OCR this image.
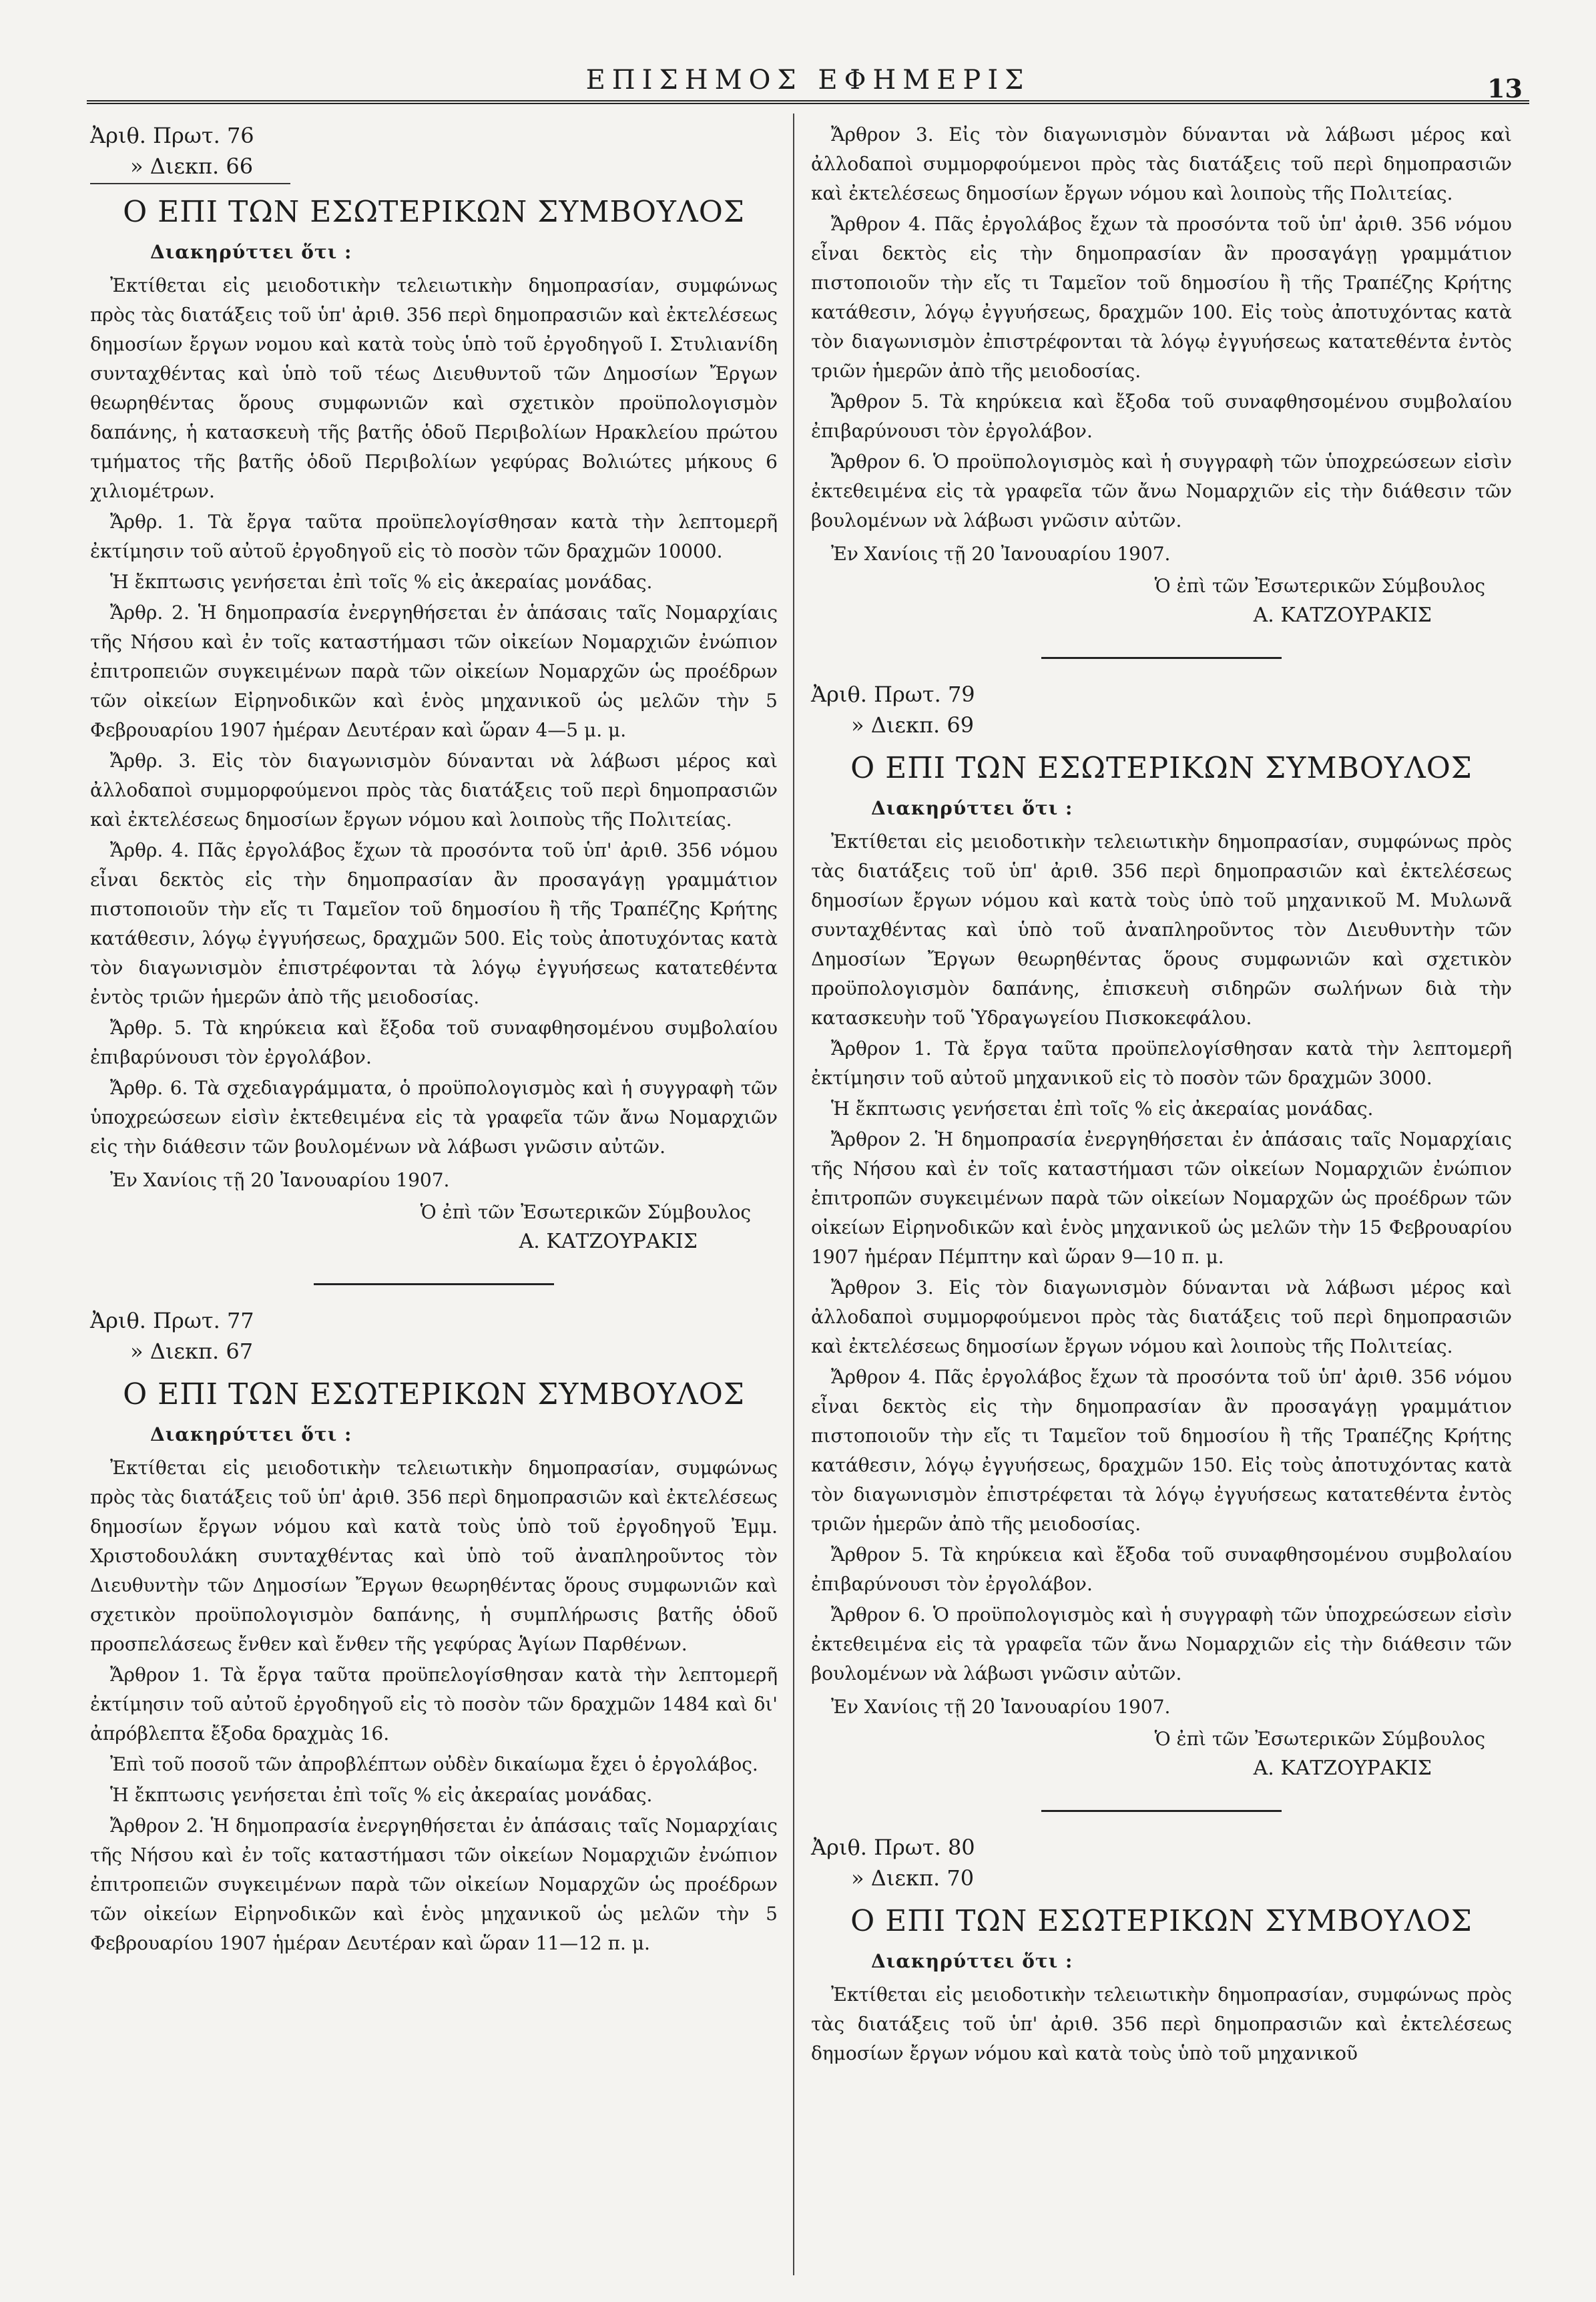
ΕΠΙΣΗΜΟΣ ΕΦΗΜΕΡΙΣ	13
Ἀριθ. Πρωτ. 76
» Διεκπ. 66
Ο ΕΠΙ ΤΩΝ ΕΣΩΤΕΡΙΚΩΝ ΣΥΜΒΟΥΛΟΣ
Διακηρύττει ὅτι :

Ἐκτίθεται εἰς μειοδοτικὴν τελειωτικὴν δημοπρασίαν, συμφώνως πρὸς τὰς διατάξεις τοῦ ὑπ' ἀριθ. 356 περὶ δημοπρασιῶν καὶ ἐκτελέσεως δημοσίων ἔργων νομου καὶ κατὰ τοὺς ὑπὸ τοῦ ἐργοδηγοῦ Ι. Στυλιανίδη συνταχθέντας καὶ ὑπὸ τοῦ τέως Διευθυντοῦ τῶν Δημοσίων Ἔργων θεωρηθέντας ὅρους συμφωνιῶν καὶ σχετικὸν προϋπολογισμὸν δαπάνης, ἡ κατασκευὴ τῆς βατῆς ὁδοῦ Περιβολίων Ηρακλείου πρώτου τμήματος τῆς βατῆς ὁδοῦ Περιβολίων γεφύρας Βολιώτες μήκους 6 χιλιομέτρων.

Ἄρθρ. 1. Τὰ ἔργα ταῦτα προϋπελογίσθησαν κατὰ τὴν λεπτομερῆ ἐκτίμησιν τοῦ αὐτοῦ ἐργοδηγοῦ εἰς τὸ ποσὸν τῶν δραχμῶν 10000.

Ἡ ἔκπτωσις γενήσεται ἐπὶ τοῖς % εἰς ἀκεραίας μονάδας.

Ἄρθρ. 2. Ἡ δημοπρασία ἐνεργηθήσεται ἐν ἁπάσαις ταῖς Νομαρχίαις τῆς Νήσου καὶ ἐν τοῖς καταστήμασι τῶν οἰκείων Νομαρχιῶν ἐνώπιον ἐπιτροπειῶν συγκειμένων παρὰ τῶν οἰκείων Νομαρχῶν ὡς προέδρων τῶν οἰκείων Εἰρηνοδικῶν καὶ ἑνὸς μηχανικοῦ ὡς μελῶν τὴν 5 Φεβρουαρίου 1907 ἡμέραν Δευτέραν καὶ ὥραν 4—5 μ. μ.

Ἄρθρ. 3. Εἰς τὸν διαγωνισμὸν δύνανται νὰ λάβωσι μέρος καὶ ἀλλοδαποὶ συμμορφούμενοι πρὸς τὰς διατάξεις τοῦ περὶ δημοπρασιῶν καὶ ἐκτελέσεως δημοσίων ἔργων νόμου καὶ λοιποὺς τῆς Πολιτείας.

Ἄρθρ. 4. Πᾶς ἐργολάβος ἔχων τὰ προσόντα τοῦ ὑπ' ἀριθ. 356 νόμου εἶναι δεκτὸς εἰς τὴν δημοπρασίαν ἂν προσαγάγῃ γραμμάτιον πιστοποιοῦν τὴν εἴς τι Ταμεῖον τοῦ δημοσίου ἢ τῆς Τραπέζης Κρήτης κατάθεσιν, λόγῳ ἐγγυήσεως, δραχμῶν 500. Εἰς τοὺς ἀποτυχόντας κατὰ τὸν διαγωνισμὸν ἐπιστρέφονται τὰ λόγῳ ἐγγυήσεως κατατεθέντα ἐντὸς τριῶν ἡμερῶν ἀπὸ τῆς μειοδοσίας.

Ἄρθρ. 5. Τὰ κηρύκεια καὶ ἔξοδα τοῦ συναφθησομένου συμβολαίου ἐπιβαρύνουσι τὸν ἐργολάβον.

Ἄρθρ. 6. Τὰ σχεδιαγράμματα, ὁ προϋπολογισμὸς καὶ ἡ συγγραφὴ τῶν ὑποχρεώσεων εἰσὶν ἐκτεθειμένα εἰς τὰ γραφεῖα τῶν ἄνω Νομαρχιῶν εἰς τὴν διάθεσιν τῶν βουλομένων νὰ λάβωσι γνῶσιν αὐτῶν.

Ἐν Χανίοις τῇ 20 Ἰανουαρίου 1907.
Ὁ ἐπὶ τῶν Ἐσωτερικῶν Σύμβουλος
Α. ΚΑΤΖΟΥΡΑΚΙΣ
Ἀριθ. Πρωτ. 77
» Διεκπ. 67
Ο ΕΠΙ ΤΩΝ ΕΣΩΤΕΡΙΚΩΝ ΣΥΜΒΟΥΛΟΣ
Διακηρύττει ὅτι :

Ἐκτίθεται εἰς μειοδοτικὴν τελειωτικὴν δημοπρασίαν, συμφώνως πρὸς τὰς διατάξεις τοῦ ὑπ' ἀριθ. 356 περὶ δημοπρασιῶν καὶ ἐκτελέσεως δημοσίων ἔργων νόμου καὶ κατὰ τοὺς ὑπὸ τοῦ ἐργοδηγοῦ Ἐμμ. Χριστοδουλάκη συνταχθέντας καὶ ὑπὸ τοῦ ἀναπληροῦντος τὸν Διευθυντὴν τῶν Δημοσίων Ἔργων θεωρηθέντας ὅρους συμφωνιῶν καὶ σχετικὸν προϋπολογισμὸν δαπάνης, ἡ συμπλήρωσις βατῆς ὁδοῦ προσπελάσεως ἔνθεν καὶ ἔνθεν τῆς γεφύρας Ἁγίων Παρθένων.

Ἄρθρον 1. Τὰ ἔργα ταῦτα προϋπελογίσθησαν κατὰ τὴν λεπτομερῆ ἐκτίμησιν τοῦ αὐτοῦ ἐργοδηγοῦ εἰς τὸ ποσὸν τῶν δραχμῶν 1484 καὶ δι' ἀπρόβλεπτα ἔξοδα δραχμὰς 16.

Ἐπὶ τοῦ ποσοῦ τῶν ἀπροβλέπτων οὐδὲν δικαίωμα ἔχει ὁ ἐργολάβος.

Ἡ ἔκπτωσις γενήσεται ἐπὶ τοῖς % εἰς ἀκεραίας μονάδας.

Ἄρθρον 2. Ἡ δημοπρασία ἐνεργηθήσεται ἐν ἁπάσαις ταῖς Νομαρχίαις τῆς Νήσου καὶ ἐν τοῖς καταστήμασι τῶν οἰκείων Νομαρχιῶν ἐνώπιον ἐπιτροπειῶν συγκειμένων παρὰ τῶν οἰκείων Νομαρχῶν ὡς προέδρων τῶν οἰκείων Εἰρηνοδικῶν καὶ ἑνὸς μηχανικοῦ ὡς μελῶν τὴν 5 Φεβρουαρίου 1907 ἡμέραν Δευτέραν καὶ ὥραν 11—12 π. μ.

Ἄρθρον 3. Εἰς τὸν διαγωνισμὸν δύνανται νὰ λάβωσι μέρος καὶ ἀλλοδαποὶ συμμορφούμενοι πρὸς τὰς διατάξεις τοῦ περὶ δημοπρασιῶν καὶ ἐκτελέσεως δημοσίων ἔργων νόμου καὶ λοιποὺς τῆς Πολιτείας.

Ἄρθρον 4. Πᾶς ἐργολάβος ἔχων τὰ προσόντα τοῦ ὑπ' ἀριθ. 356 νόμου εἶναι δεκτὸς εἰς τὴν δημοπρασίαν ἂν προσαγάγῃ γραμμάτιον πιστοποιοῦν τὴν εἴς τι Ταμεῖον τοῦ δημοσίου ἢ τῆς Τραπέζης Κρήτης κατάθεσιν, λόγῳ ἐγγυήσεως, δραχμῶν 100. Εἰς τοὺς ἀποτυχόντας κατὰ τὸν διαγωνισμὸν ἐπιστρέφονται τὰ λόγῳ ἐγγυήσεως κατατεθέντα ἐντὸς τριῶν ἡμερῶν ἀπὸ τῆς μειοδοσίας.

Ἄρθρον 5. Τὰ κηρύκεια καὶ ἔξοδα τοῦ συναφθησομένου συμβολαίου ἐπιβαρύνουσι τὸν ἐργολάβον.

Ἄρθρον 6. Ὁ προϋπολογισμὸς καὶ ἡ συγγραφὴ τῶν ὑποχρεώσεων εἰσὶν ἐκτεθειμένα εἰς τὰ γραφεῖα τῶν ἄνω Νομαρχιῶν εἰς τὴν διάθεσιν τῶν βουλομένων νὰ λάβωσι γνῶσιν αὐτῶν.

Ἐν Χανίοις τῇ 20 Ἰανουαρίου 1907.
Ὁ ἐπὶ τῶν Ἐσωτερικῶν Σύμβουλος
Α. ΚΑΤΖΟΥΡΑΚΙΣ
Ἀριθ. Πρωτ. 79
» Διεκπ. 69
Ο ΕΠΙ ΤΩΝ ΕΣΩΤΕΡΙΚΩΝ ΣΥΜΒΟΥΛΟΣ
Διακηρύττει ὅτι :

Ἐκτίθεται εἰς μειοδοτικὴν τελειωτικὴν δημοπρασίαν, συμφώνως πρὸς τὰς διατάξεις τοῦ ὑπ' ἀριθ. 356 περὶ δημοπρασιῶν καὶ ἐκτελέσεως δημοσίων ἔργων νόμου καὶ κατὰ τοὺς ὑπὸ τοῦ μηχανικοῦ Μ. Μυλωνᾶ συνταχθέντας καὶ ὑπὸ τοῦ ἀναπληροῦντος τὸν Διευθυντὴν τῶν Δημοσίων Ἔργων θεωρηθέντας ὅρους συμφωνιῶν καὶ σχετικὸν προϋπολογισμὸν δαπάνης, ἐπισκευὴ σιδηρῶν σωλήνων διὰ τὴν κατασκευὴν τοῦ Ὑδραγωγείου Πισκοκεφάλου.

Ἄρθρον 1. Τὰ ἔργα ταῦτα προϋπελογίσθησαν κατὰ τὴν λεπτομερῆ ἐκτίμησιν τοῦ αὐτοῦ μηχανικοῦ εἰς τὸ ποσὸν τῶν δραχμῶν 3000.

Ἡ ἔκπτωσις γενήσεται ἐπὶ τοῖς % εἰς ἀκεραίας μονάδας.

Ἄρθρον 2. Ἡ δημοπρασία ἐνεργηθήσεται ἐν ἁπάσαις ταῖς Νομαρχίαις τῆς Νήσου καὶ ἐν τοῖς καταστήμασι τῶν οἰκείων Νομαρχιῶν ἐνώπιον ἐπιτροπῶν συγκειμένων παρὰ τῶν οἰκείων Νομαρχῶν ὡς προέδρων τῶν οἰκείων Εἰρηνοδικῶν καὶ ἑνὸς μηχανικοῦ ὡς μελῶν τὴν 15 Φεβρουαρίου 1907 ἡμέραν Πέμπτην καὶ ὥραν 9—10 π. μ.

Ἄρθρον 3. Εἰς τὸν διαγωνισμὸν δύνανται νὰ λάβωσι μέρος καὶ ἀλλοδαποὶ συμμορφούμενοι πρὸς τὰς διατάξεις τοῦ περὶ δημοπρασιῶν καὶ ἐκτελέσεως δημοσίων ἔργων νόμου καὶ λοιποὺς τῆς Πολιτείας.

Ἄρθρον 4. Πᾶς ἐργολάβος ἔχων τὰ προσόντα τοῦ ὑπ' ἀριθ. 356 νόμου εἶναι δεκτὸς εἰς τὴν δημοπρασίαν ἂν προσαγάγῃ γραμμάτιον πιστοποιοῦν τὴν εἴς τι Ταμεῖον τοῦ δημοσίου ἢ τῆς Τραπέζης Κρήτης κατάθεσιν, λόγῳ ἐγγυήσεως, δραχμῶν 150. Εἰς τοὺς ἀποτυχόντας κατὰ τὸν διαγωνισμὸν ἐπιστρέφεται τὰ λόγῳ ἐγγυήσεως κατατεθέντα ἐντὸς τριῶν ἡμερῶν ἀπὸ τῆς μειοδοσίας.

Ἄρθρον 5. Τὰ κηρύκεια καὶ ἔξοδα τοῦ συναφθησομένου συμβολαίου ἐπιβαρύνουσι τὸν ἐργολάβον.

Ἄρθρον 6. Ὁ προϋπολογισμὸς καὶ ἡ συγγραφὴ τῶν ὑποχρεώσεων εἰσὶν ἐκτεθειμένα εἰς τὰ γραφεῖα τῶν ἄνω Νομαρχιῶν εἰς τὴν διάθεσιν τῶν βουλομένων νὰ λάβωσι γνῶσιν αὐτῶν.

Ἐν Χανίοις τῇ 20 Ἰανουαρίου 1907.
Ὁ ἐπὶ τῶν Ἐσωτερικῶν Σύμβουλος
Α. ΚΑΤΖΟΥΡΑΚΙΣ
Ἀριθ. Πρωτ. 80
» Διεκπ. 70
Ο ΕΠΙ ΤΩΝ ΕΣΩΤΕΡΙΚΩΝ ΣΥΜΒΟΥΛΟΣ
Διακηρύττει ὅτι :

Ἐκτίθεται εἰς μειοδοτικὴν τελειωτικὴν δημοπρασίαν, συμφώνως πρὸς τὰς διατάξεις τοῦ ὑπ' ἀριθ. 356 περὶ δημοπρασιῶν καὶ ἐκτελέσεως δημοσίων ἔργων νόμου καὶ κατὰ τοὺς ὑπὸ τοῦ μηχανικοῦ
